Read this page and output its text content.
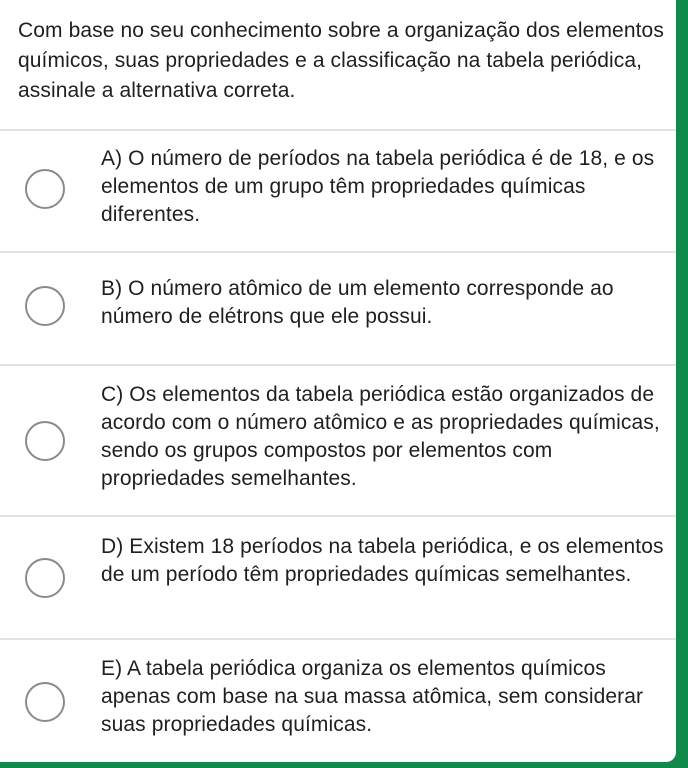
Com base no seu conhecimento sobre a organização dos elementos químicos, suas propriedades e a classificação na tabela periódica, assinale a alternativa correta.

A) O número de períodos na tabela periódica é de 18, e os elementos de um grupo têm propriedades químicas diferentes.

B) O número atômico de um elemento corresponde ao número de elétrons que ele possui.

C) Os elementos da tabela periódica estão organizados de acordo com o número atômico e as propriedades químicas, sendo os grupos compostos por elementos com propriedades semelhantes.

D) Existem 18 períodos na tabela periódica, e os elementos de um período têm propriedades químicas semelhantes.

E) A tabela periódica organiza os elementos químicos apenas com base na sua massa atômica, sem considerar suas propriedades químicas.
